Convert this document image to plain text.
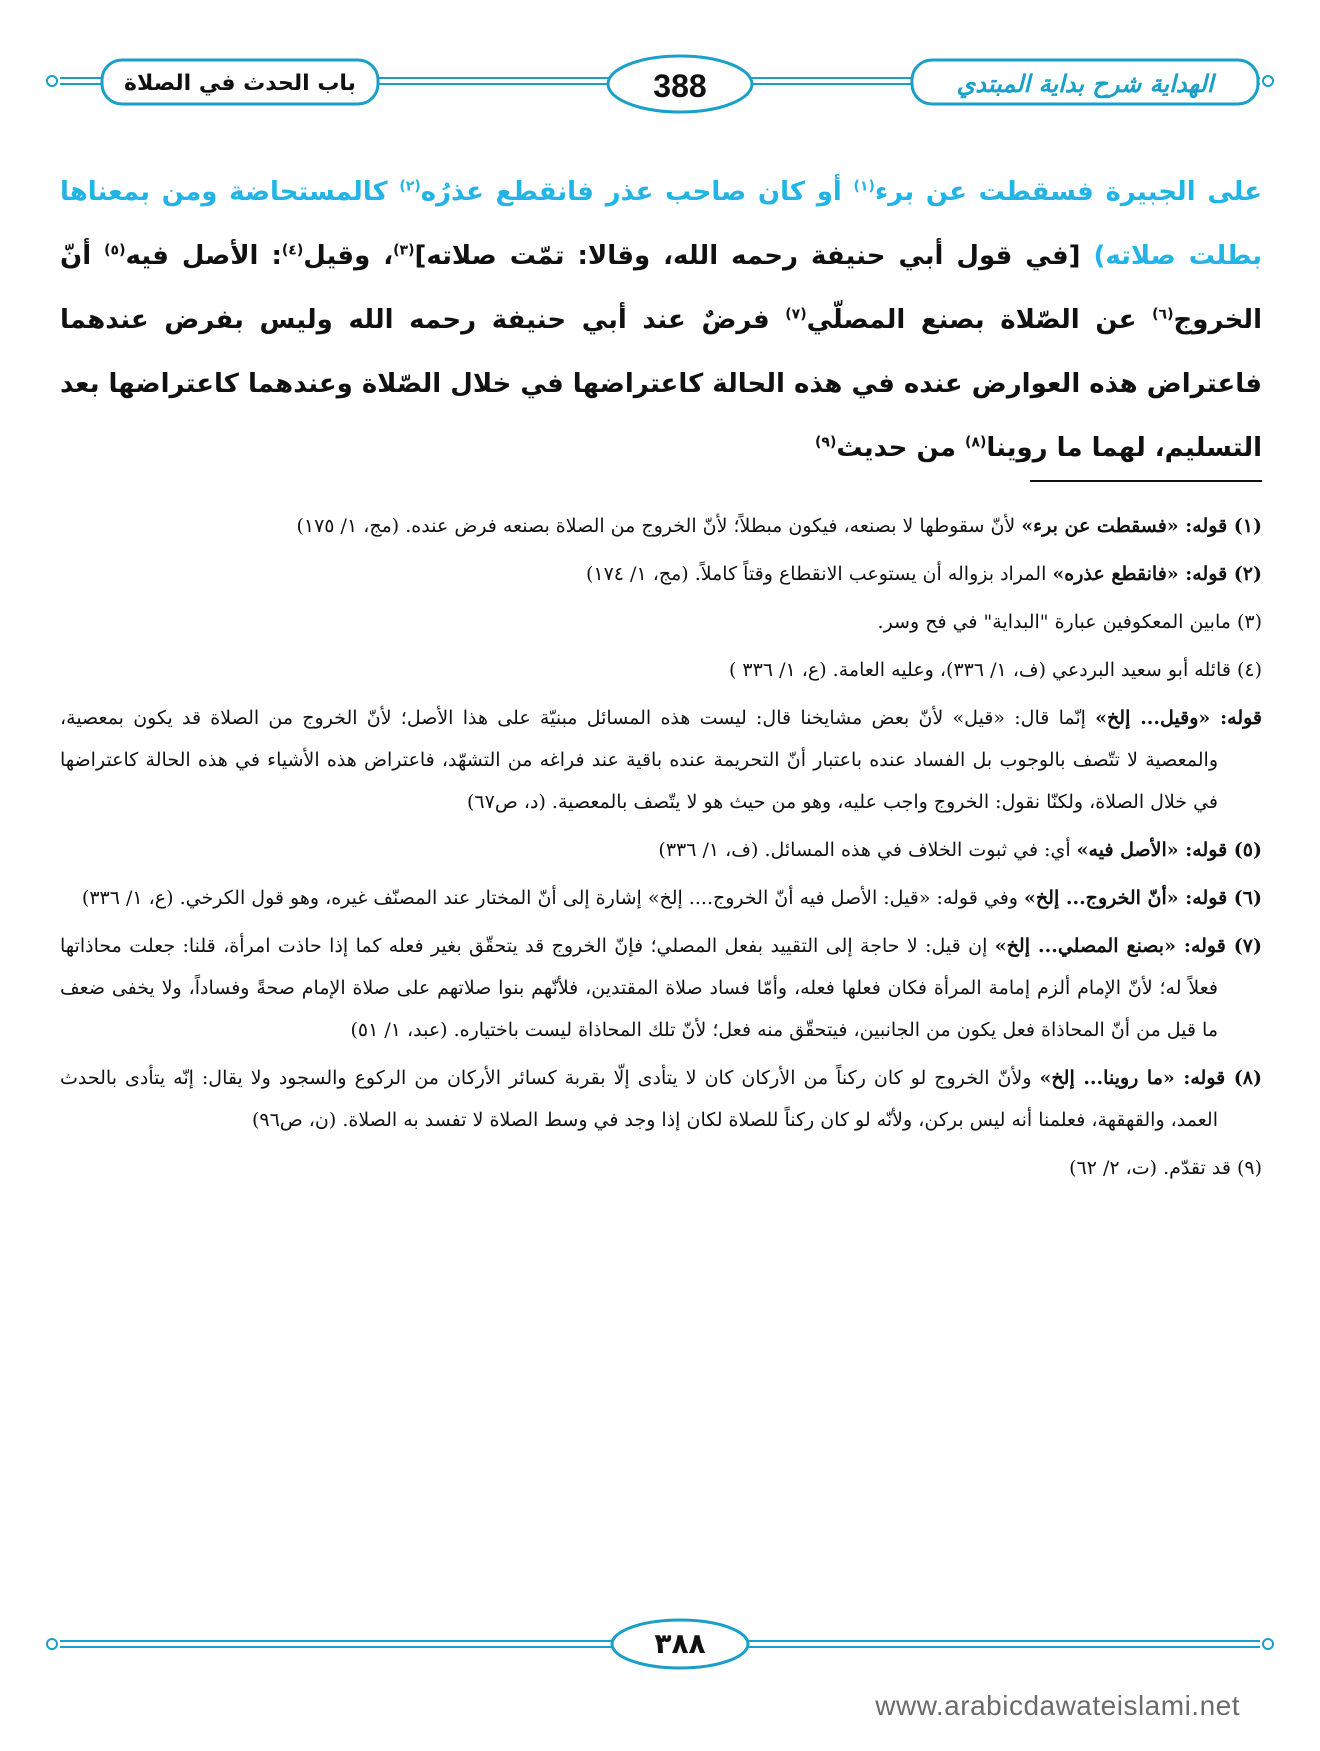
الهداية شرح بداية المبتدي
388
باب الحدث في الصلاة

على الجبيرة فسقطت عن برء$^{(١)}$ أو كان صاحب عذر فانقطع عذرُه$^{(٢)}$ كالمستحاضة ومن بمعناها بطلت صلاته) [في قول أبي حنيفة رحمه الله، وقالا: تمّت صلاته]$^{(٣)}$، وقيل$^{(٤)}$: الأصل فيه$^{(٥)}$ أنّ الخروج$^{(٦)}$ عن الصّلاة بصنع المصلّي$^{(٧)}$ فرضٌ عند أبي حنيفة رحمه الله وليس بفرض عندهما فاعتراض هذه العوارض عنده في هذه الحالة كاعتراضها في خلال الصّلاة وعندهما كاعتراضها بعد التسليم، لهما ما روينا$^{(٨)}$ من حديث$^{(٩)}$

(١) قوله: «فسقطت عن برء» لأنّ سقوطها لا بصنعه، فيكون مبطلاً؛ لأنّ الخروج من الصلاة بصنعه فرض عنده. (مج، ١/ ١٧٥)

(٢) قوله: «فانقطع عذره» المراد بزواله أن يستوعب الانقطاع وقتاً كاملاً. (مج، ١/ ١٧٤)

(٣) مابين المعكوفين عبارة "البداية" في فح وسر.

(٤) قائله أبو سعيد البردعي (ف، ١/ ٣٣٦)، وعليه العامة. (ع، ١/ ٣٣٦ )

قوله: «وقيل... إلخ» إنّما قال: «قيل» لأنّ بعض مشايخنا قال: ليست هذه المسائل مبنيّة على هذا الأصل؛ لأنّ الخروج من الصلاة قد يكون بمعصية، والمعصية لا تتّصف بالوجوب بل الفساد عنده باعتبار أنّ التحريمة عنده باقية عند فراغه من التشهّد، فاعتراض هذه الأشياء في هذه الحالة كاعتراضها في خلال الصلاة، ولكنّا نقول: الخروج واجب عليه، وهو من حيث هو لا يتّصف بالمعصية. (د، ص٦٧)

(٥) قوله: «الأصل فيه» أي: في ثبوت الخلاف في هذه المسائل. (ف، ١/ ٣٣٦)

(٦) قوله: «أنّ الخروج... إلخ» وفي قوله: «قيل: الأصل فيه أنّ الخروج.... إلخ» إشارة إلى أنّ المختار عند المصنّف غيره، وهو قول الكرخي. (ع، ١/ ٣٣٦)

(٧) قوله: «بصنع المصلي... إلخ» إن قيل: لا حاجة إلى التقييد بفعل المصلي؛ فإنّ الخروج قد يتحقّق بغير فعله كما إذا حاذت امرأة، قلنا: جعلت محاذاتها فعلاً له؛ لأنّ الإمام ألزم إمامة المرأة فكان فعلها فعله، وأمّا فساد صلاة المقتدين، فلأنّهم بنوا صلاتهم على صلاة الإمام صحةً وفساداً، ولا يخفى ضعف ما قيل من أنّ المحاذاة فعل يكون من الجانبين، فيتحقّق منه فعل؛ لأنّ تلك المحاذاة ليست باختياره. (عبد، ١/ ٥١)

(٨) قوله: «ما روينا... إلخ» ولأنّ الخروج لو كان ركناً من الأركان كان لا يتأدى إلّا بقربة كسائر الأركان من الركوع والسجود ولا يقال: إنّه يتأدى بالحدث العمد، والقهقهة، فعلمنا أنه ليس بركن، ولأنّه لو كان ركناً للصلاة لكان إذا وجد في وسط الصلاة لا تفسد به الصلاة. (ن، ص٩٦)

(٩) قد تقدّم. (ت، ٢/ ٦٢)

٣٨٨
www.arabicdawateislami.net
